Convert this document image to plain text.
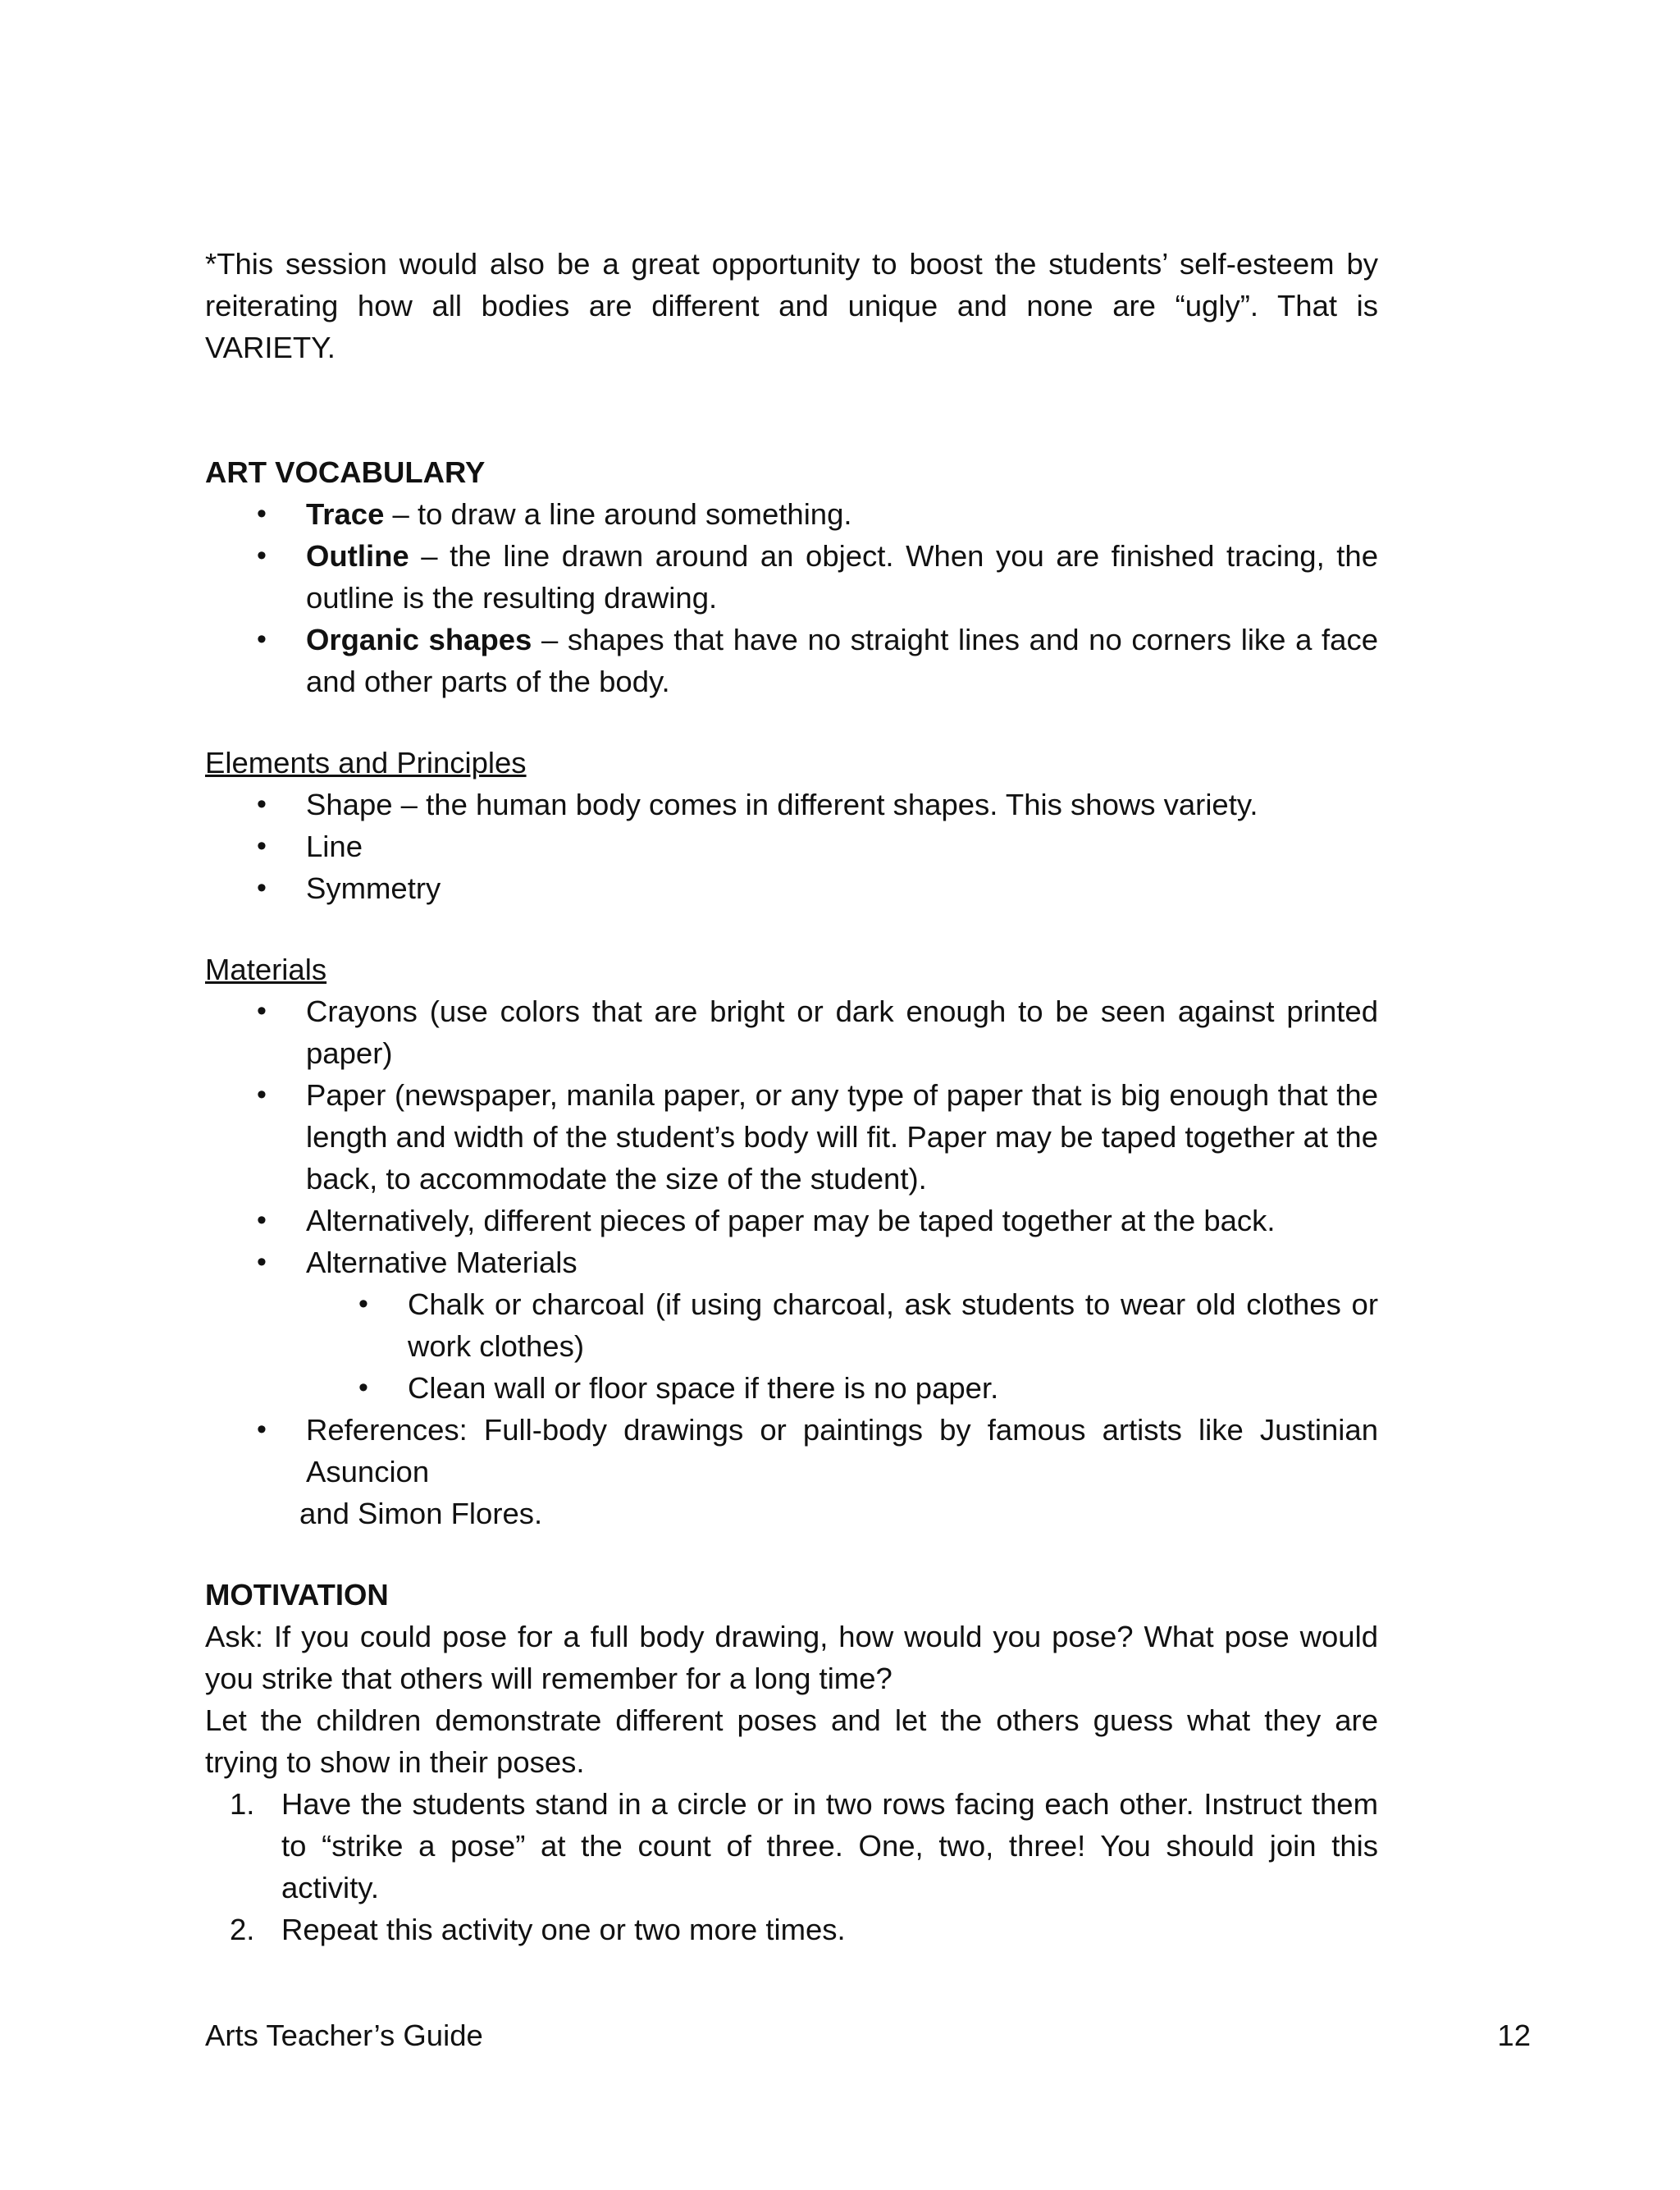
*This session would also be a great opportunity to boost the students’ self-esteem by

reiterating how all bodies are different and unique and none are “ugly”. That is

VARIETY.

ART VOCABULARY

• Trace – to draw a line around something.
• Outline – the line drawn around an object. When you are finished tracing, the outline is the resulting drawing.
• Organic shapes – shapes that have no straight lines and no corners like a face and other parts of the body.

Elements and Principles

• Shape – the human body comes in different shapes. This shows variety.
• Line
• Symmetry

Materials

• Crayons (use colors that are bright or dark enough to be seen against printed paper)
• Paper (newspaper, manila paper, or any type of paper that is big enough that the length and width of the student’s body will fit. Paper may be taped together at the back, to accommodate the size of the student).
• Alternatively, different pieces of paper may be taped together at the back.
• Alternative Materials
• Chalk or charcoal (if using charcoal, ask students to wear old clothes or work clothes)
• Clean wall or floor space if there is no paper.
• References: Full-body drawings or paintings by famous artists like Justinian Asuncion

and Simon Flores.

MOTIVATION

Ask: If you could pose for a full body drawing, how would you pose? What pose would you strike that others will remember for a long time?

Let the children demonstrate different poses and let the others guess what they are trying to show in their poses.

1. Have the students stand in a circle or in two rows facing each other. Instruct them to “strike a pose” at the count of three. One, two, three! You should join this activity.
2. Repeat this activity one or two more times.
Arts Teacher’s Guide	12
